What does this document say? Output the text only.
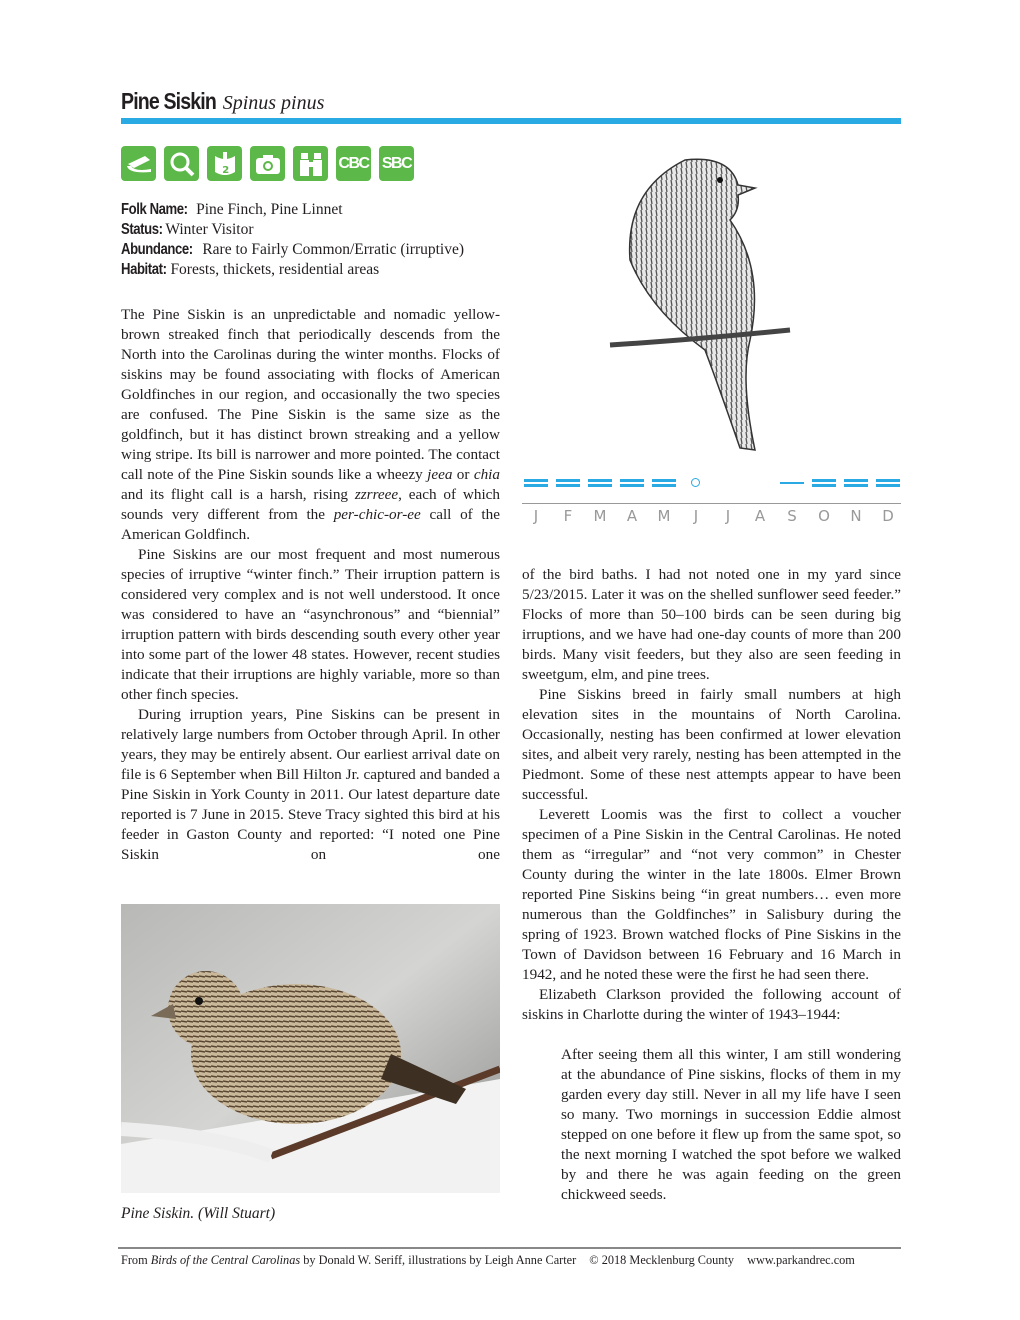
Pine Siskin Spinus pinus
2	CBC SBC
Folk Name: Pine Finch, Pine Linnet
Status: Winter Visitor
Abundance: Rare to Fairly Common/Erratic (irruptive)
Habitat: Forests, thickets, residential areas

The Pine Siskin is an unpredictable and nomadic yellow-brown streaked finch that periodically descends from the North into the Carolinas during the winter months. Flocks of siskins may be found associating with flocks of American Goldfinches in our region, and occasionally the two species are confused. The Pine Siskin is the same size as the goldfinch, but it has distinct brown streaking and a yellow wing stripe. Its bill is narrower and more pointed. The contact call note of the Pine Siskin sounds like a wheezy jeea or chia and its flight call is a harsh, rising zzrreee, each of which sounds very different from the per-chic-or-ee call of the American Goldfinch.

Pine Siskins are our most frequent and most numerous species of irruptive “winter finch.” Their irruption pattern is considered very complex and is not well understood. It once was considered to have an “asynchronous” and “biennial” irruption pattern with birds descending south every other year into some part of the lower 48 states. However, recent studies indicate that their irruptions are highly variable, more so than other finch species.

During irruption years, Pine Siskins can be present in relatively large numbers from October through April. In other years, they may be entirely absent. Our earliest arrival date on file is 6 September when Bill Hilton Jr. captured and banded a Pine Siskin in York County in 2011. Our latest departure date reported is 7 June in 2015. Steve Tracy sighted this bird at his feeder in Gaston County and reported: “I noted one Pine Siskin on one

Pine Siskin. (Will Stuart)
J	F	M	A	M	J	J	A	S	O	N	D

of the bird baths. I had not noted one in my yard since 5/23/2015. Later it was on the shelled sunflower seed feeder.” Flocks of more than 50–100 birds can be seen during big irruptions, and we have had one-day counts of more than 200 birds. Many visit feeders, but they also are seen feeding in sweetgum, elm, and pine trees.

Pine Siskins breed in fairly small numbers at high elevation sites in the mountains of North Carolina. Occasionally, nesting has been confirmed at lower elevation sites, and albeit very rarely, nesting has been attempted in the Piedmont. Some of these nest attempts appear to have been successful.

Leverett Loomis was the first to collect a voucher specimen of a Pine Siskin in the Central Carolinas. He noted them as “irregular” and “not very common” in Chester County during the winter in the late 1800s. Elmer Brown reported Pine Siskins being “in great numbers… even more numerous than the Goldfinches” in Salisbury during the spring of 1923. Brown watched flocks of Pine Siskins in the Town of Davidson between 16 February and 16 March in 1942, and he noted these were the first he had seen there.

Elizabeth Clarkson provided the following account of siskins in Charlotte during the winter of 1943–1944:

After seeing them all this winter, I am still wondering at the abundance of Pine siskins, flocks of them in my garden every day still. Never in all my life have I seen so many. Two mornings in succession Eddie almost stepped on one before it flew up from the same spot, so the next morning I watched the spot before we walked by and there he was again feeding on the green chickweed seeds.

From Birds of the Central Carolinas by Donald W. Seriff, illustrations by Leigh Anne Carter © 2018 Mecklenburg County www.parkandrec.com
